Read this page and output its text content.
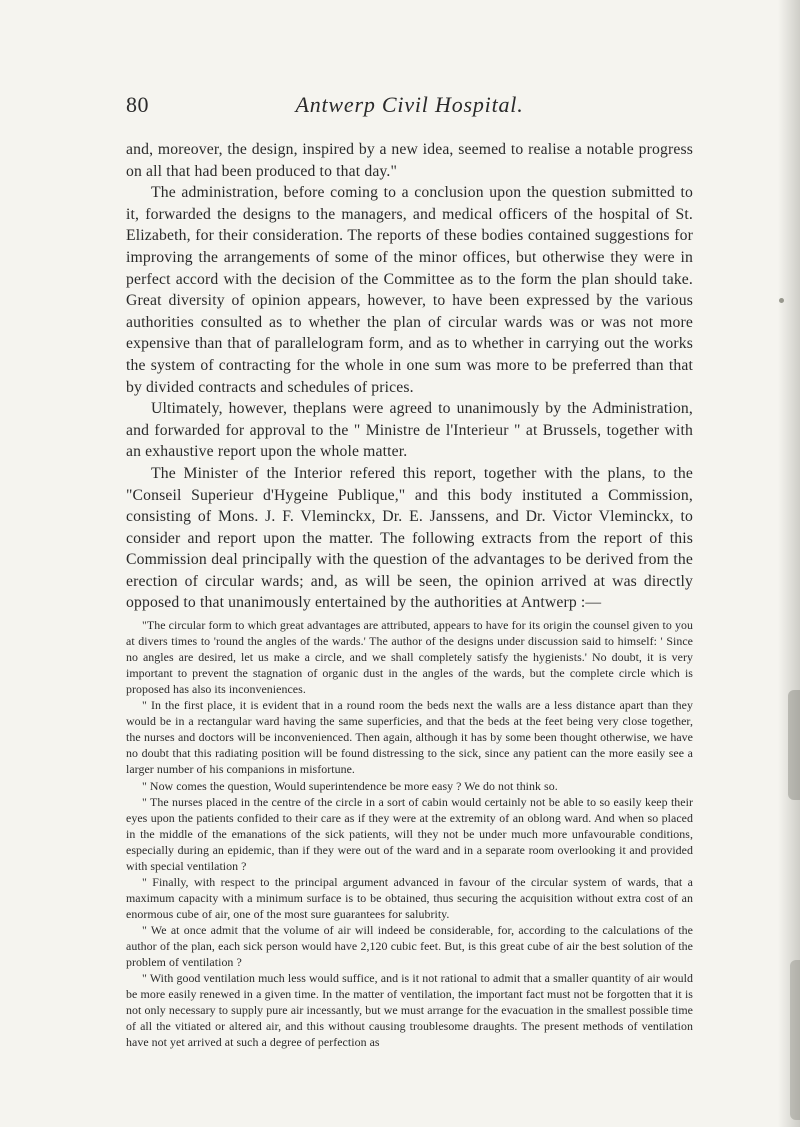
80	Antwerp Civil Hospital.

and, moreover, the design, inspired by a new idea, seemed to realise a notable progress on all that had been produced to that day."

The administration, before coming to a conclusion upon the question submitted to it, forwarded the designs to the managers, and medical officers of the hospital of St. Elizabeth, for their consideration. The reports of these bodies contained suggestions for improving the arrangements of some of the minor offices, but otherwise they were in perfect accord with the decision of the Committee as to the form the plan should take. Great diversity of opinion appears, however, to have been expressed by the various authorities consulted as to whether the plan of circular wards was or was not more expensive than that of parallelogram form, and as to whether in carrying out the works the system of contracting for the whole in one sum was more to be preferred than that by divided contracts and schedules of prices.

Ultimately, however, theplans were agreed to unanimously by the Administration, and forwarded for approval to the " Ministre de l'Interieur " at Brussels, together with an exhaustive report upon the whole matter.

The Minister of the Interior refered this report, together with the plans, to the "Conseil Superieur d'Hygeine Publique," and this body instituted a Commission, consisting of Mons. J. F. Vleminckx, Dr. E. Janssens, and Dr. Victor Vleminckx, to consider and report upon the matter. The following extracts from the report of this Commission deal principally with the question of the advantages to be derived from the erection of circular wards; and, as will be seen, the opinion arrived at was directly opposed to that unanimously entertained by the authorities at Antwerp :—

"The circular form to which great advantages are attributed, appears to have for its origin the counsel given to you at divers times to 'round the angles of the wards.' The author of the designs under discussion said to himself: ' Since no angles are desired, let us make a circle, and we shall completely satisfy the hygienists.' No doubt, it is very important to prevent the stagnation of organic dust in the angles of the wards, but the complete circle which is proposed has also its inconveniences.

" In the first place, it is evident that in a round room the beds next the walls are a less distance apart than they would be in a rectangular ward having the same superficies, and that the beds at the feet being very close together, the nurses and doctors will be inconvenienced. Then again, although it has by some been thought otherwise, we have no doubt that this radiating position will be found distressing to the sick, since any patient can the more easily see a larger number of his companions in misfortune.

" Now comes the question, Would superintendence be more easy ? We do not think so.

" The nurses placed in the centre of the circle in a sort of cabin would certainly not be able to so easily keep their eyes upon the patients confided to their care as if they were at the extremity of an oblong ward. And when so placed in the middle of the emanations of the sick patients, will they not be under much more unfavourable conditions, especially during an epidemic, than if they were out of the ward and in a separate room overlooking it and provided with special ventilation ?

" Finally, with respect to the principal argument advanced in favour of the circular system of wards, that a maximum capacity with a minimum surface is to be obtained, thus securing the acquisition without extra cost of an enormous cube of air, one of the most sure guarantees for salubrity.

" We at once admit that the volume of air will indeed be considerable, for, according to the calculations of the author of the plan, each sick person would have 2,120 cubic feet. But, is this great cube of air the best solution of the problem of ventilation ?

" With good ventilation much less would suffice, and is it not rational to admit that a smaller quantity of air would be more easily renewed in a given time. In the matter of ventilation, the important fact must not be forgotten that it is not only necessary to supply pure air incessantly, but we must arrange for the evacuation in the smallest possible time of all the vitiated or altered air, and this without causing troublesome draughts. The present methods of ventilation have not yet arrived at such a degree of perfection as
